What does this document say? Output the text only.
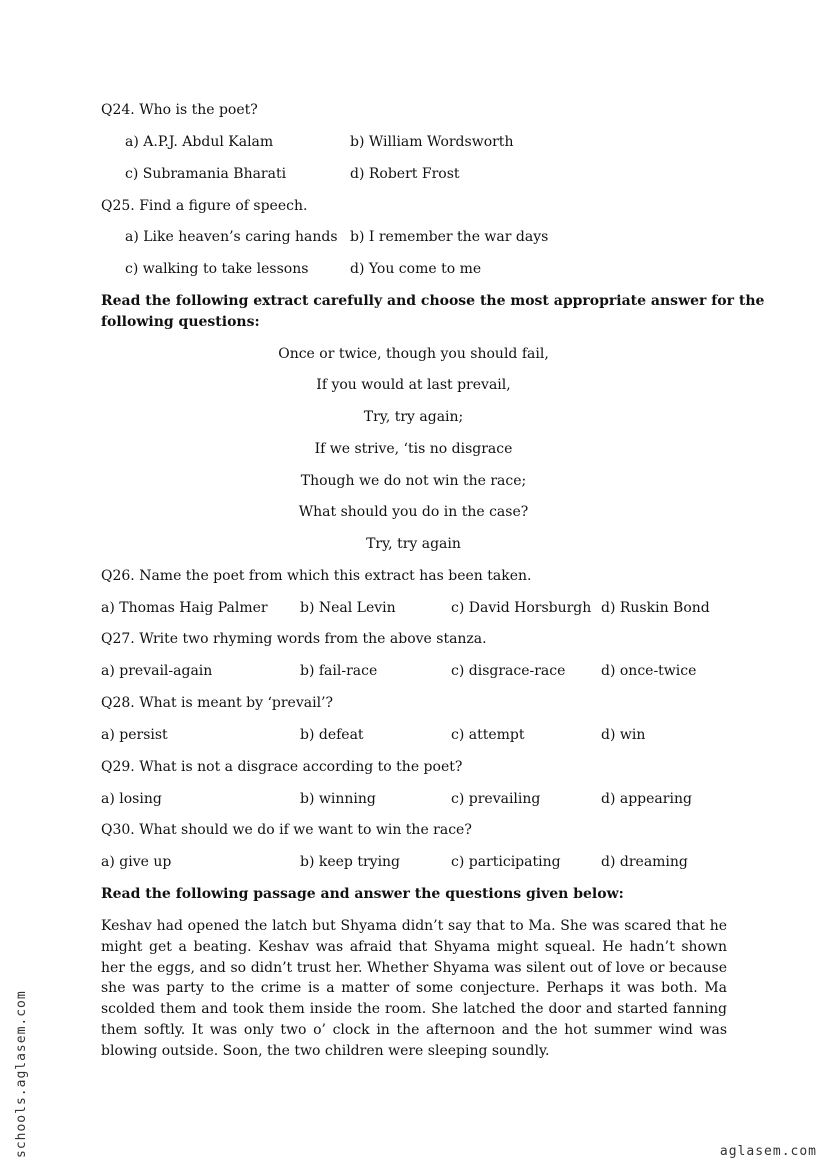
Q24. Who is the poet?
a) A.P.J. Abdul Kalam	b) William Wordsworth
c) Subramania Bharati	d) Robert Frost
Q25. Find a figure of speech.
a) Like heaven’s caring hands b) I remember the war days
c) walking to take lessons	d) You come to me
Read the following extract carefully and choose the most appropriate answer for the
following questions:
Once or twice, though you should fail,
If you would at last prevail,
Try, try again;
If we strive, ‘tis no disgrace
Though we do not win the race;
What should you do in the case?
Try, try again
Q26. Name the poet from which this extract has been taken.
a) Thomas Haig Palmer b) Neal Levin	c) David Horsburgh d) Ruskin Bond
Q27. Write two rhyming words from the above stanza.
a) prevail-again	b) fail-race	c) disgrace-race	d) once-twice
Q28. What is meant by ‘prevail’?
a) persist	b) defeat	c) attempt	d) win
Q29. What is not a disgrace according to the poet?
a) losing	b) winning	c) prevailing	d) appearing
Q30. What should we do if we want to win the race?
a) give up	b) keep trying	c) participating	d) dreaming
Read the following passage and answer the questions given below:
Keshav had opened the latch but Shyama didn’t say that to Ma. She was scared that he might get a beating. Keshav was afraid that Shyama might squeal. He hadn’t shown her the eggs, and so didn’t trust her. Whether Shyama was silent out of love or because she was party to the crime is a matter of some conjecture. Perhaps it was both. Ma scolded them and took them inside the room. She latched the door and started fanning them softly. It was only two o’ clock in the afternoon and the hot summer wind was blowing outside. Soon, the two children were sleeping soundly.
schools.aglasem.com	aglasem.com
